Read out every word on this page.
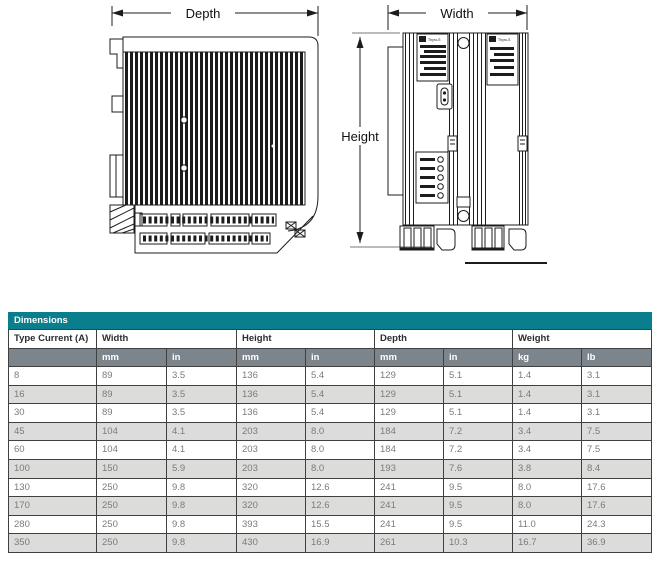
Depth	Width
Height
Thyro-S	Thyro-S
Dimensions								
Type Current (A)	Width		Height		Depth		Weight	
	mm	in	mm	in	mm	in	kg	lb
8	89	3.5	136	5.4	129	5.1	1.4	3.1
16	89	3.5	136	5.4	129	5.1	1.4	3.1
30	89	3.5	136	5.4	129	5.1	1.4	3.1
45	104	4.1	203	8.0	184	7.2	3.4	7.5
60	104	4.1	203	8.0	184	7.2	3.4	7.5
100	150	5.9	203	8.0	193	7.6	3.8	8.4
130	250	9.8	320	12.6	241	9.5	8.0	17.6
170	250	9.8	320	12.6	241	9.5	8.0	17.6
280	250	9.8	393	15.5	241	9.5	11.0	24.3
350	250	9.8	430	16.9	261	10.3	16.7	36.9
